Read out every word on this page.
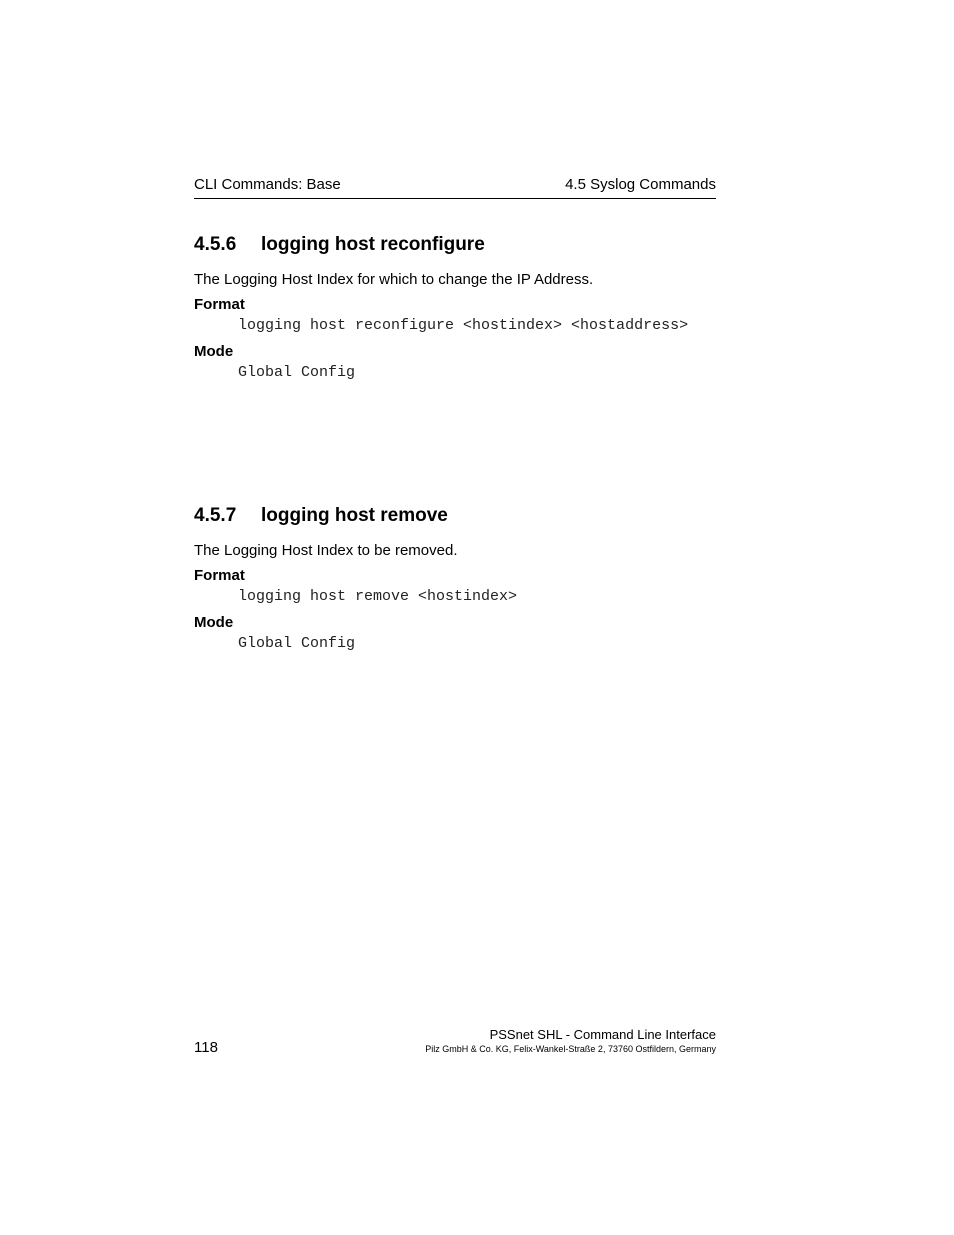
CLI Commands: Base	4.5 Syslog Commands
4.5.6 logging host reconfigure
The Logging Host Index for which to change the IP Address.
Format
logging host reconfigure <hostindex> <hostaddress>
Mode
Global Config
4.5.7 logging host remove
The Logging Host Index to be removed.
Format
logging host remove <hostindex>
Mode
Global Config
118
PSSnet SHL - Command Line Interface
Pilz GmbH & Co. KG, Felix-Wankel-Straße 2, 73760 Ostfildern, Germany
